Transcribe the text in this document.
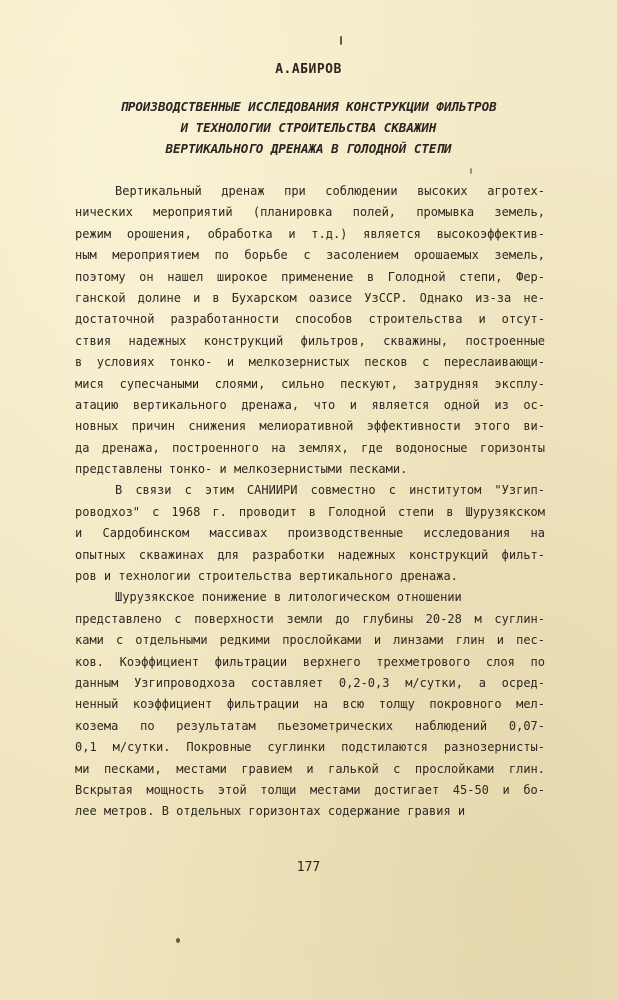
А.АБИРОВ
ПРОИЗВОДСТВЕННЫЕ ИССЛЕДОВАНИЯ КОНСТРУКЦИИ ФИЛЬТРОВ
И ТЕХНОЛОГИИ СТРОИТЕЛЬСТВА СКВАЖИН
ВЕРТИКАЛЬНОГО ДРЕНАЖА В ГОЛОДНОЙ СТЕПИ
Вертикальный дренаж при соблюдении высоких агротех-
нических мероприятий (планировка полей, промывка земель,
режим орошения, обработка и т.д.) является высокоэффектив-
ным мероприятием по борьбе с засолением орошаемых земель,
поэтому он нашел широкое применение в Голодной степи, Фер-
ганской долине и в Бухарском оазисе УзССР. Однако из-за не-
достаточной разработанности способов строительства и отсут-
ствия надежных конструкций фильтров, скважины, построенные
в условиях тонко- и мелкозернистых песков с переслаивающи-
мися супесчаными слоями, сильно пескуют, затрудняя эксплу-
атацию вертикального дренажа, что и является одной из ос-
новных причин снижения мелиоративной эффективности этого ви-
да дренажа, построенного на землях, где водоносные горизонты
представлены тонко- и мелкозернистыми песками.
В связи с этим САНИИРИ совместно с институтом "Узгип-
роводхоз" с 1968 г. проводит в Голодной степи в Шурузякском
и Сардобинском массивах производственные исследования на
опытных скважинах для разработки надежных конструкций фильт-
ров и технологии строительства вертикального дренажа.
Шурузякское понижение в литологическом отношении
представлено с поверхности земли до глубины 20-28 м суглин-
ками с отдельными редкими прослойками и линзами глин и пес-
ков. Коэффициент фильтрации верхнего трехметрового слоя по
данным Узгипроводхоза составляет 0,2-0,3 м/сутки, а осред-
ненный коэффициент фильтрации на всю толщу покровного мел-
козема по результатам пьезометрических наблюдений 0,07-
0,1 м/сутки. Покровные суглинки подстилаются разнозернисты-
ми песками, местами гравием и галькой с прослойками глин.
Вскрытая мощность этой толщи местами достигает 45-50 и бо-
лее метров. В отдельных горизонтах содержание гравия и
177
